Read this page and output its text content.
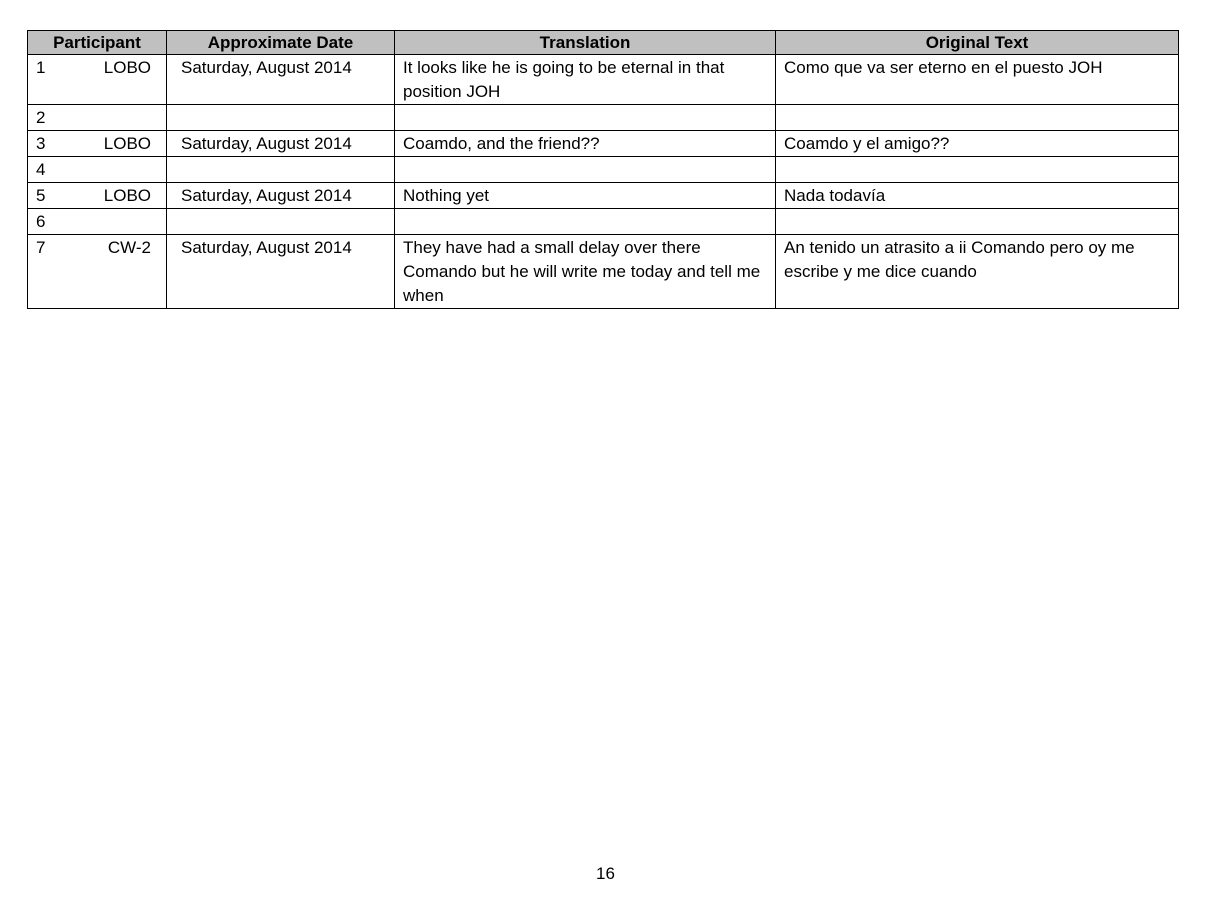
Participant		Approximate Date	Translation	Original Text
1	LOBO	Saturday, August 2014	It looks like he is going to be eternal in that position JOH	Como que va ser eterno en el puesto JOH
2				
3	LOBO	Saturday, August 2014	Coamdo, and the friend??	Coamdo y el amigo??
4				
5	LOBO	Saturday, August 2014	Nothing yet	Nada todavía
6				
7	CW-2	Saturday, August 2014	They have had a small delay over there Comando but he will write me today and tell me when	An tenido un atrasito a ii Comando pero oy me escribe y me dice cuando
16
